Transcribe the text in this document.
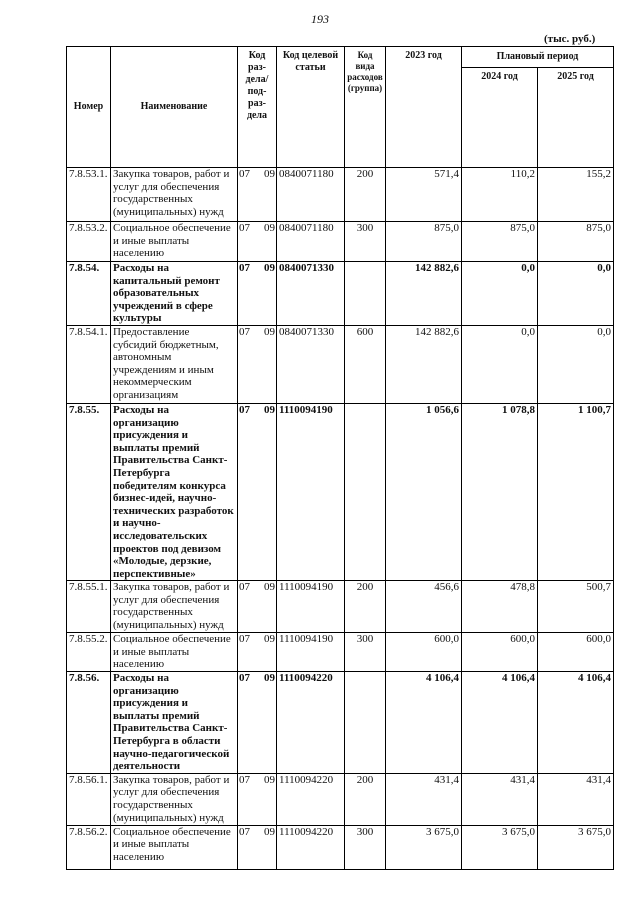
193
(тыс. руб.)
Номер	Наименование	Код раз-дела/ под-раз-дела	Код целевой статьи	Код вида расходов (группа)	2023 год	Плановый период	
						2024 год	2025 год
7.8.53.1.	Закупка товаров, работ и услуг для обеспечения государственных (муниципальных) нужд	07 09	0840071180	200	571,4	110,2	155,2
7.8.53.2.	Социальное обеспечение и иные выплаты населению	07 09	0840071180	300	875,0	875,0	875,0
7.8.54.	Расходы на капитальный ремонт образовательных учреждений в сфере культуры	07 09	0840071330		142 882,6	0,0	0,0
7.8.54.1.	Предоставление субсидий бюджетным, автономным учреждениям и иным некоммерческим организациям	07 09	0840071330	600	142 882,6	0,0	0,0
7.8.55.	Расходы на организацию присуждения и выплаты премий Правительства Санкт-Петербурга победителям конкурса бизнес-идей, научно-технических разработок и научно-исследовательских проектов под девизом «Молодые, дерзкие, перспективные»	07 09	1110094190		1 056,6	1 078,8	1 100,7
7.8.55.1.	Закупка товаров, работ и услуг для обеспечения государственных (муниципальных) нужд	07 09	1110094190	200	456,6	478,8	500,7
7.8.55.2.	Социальное обеспечение и иные выплаты населению	07 09	1110094190	300	600,0	600,0	600,0
7.8.56.	Расходы на организацию присуждения и выплаты премий Правительства Санкт-Петербурга в области научно-педагогической деятельности	07 09	1110094220		4 106,4	4 106,4	4 106,4
7.8.56.1.	Закупка товаров, работ и услуг для обеспечения государственных (муниципальных) нужд	07 09	1110094220	200	431,4	431,4	431,4
7.8.56.2.	Социальное обеспечение и иные выплаты населению	07 09	1110094220	300	3 675,0	3 675,0	3 675,0
